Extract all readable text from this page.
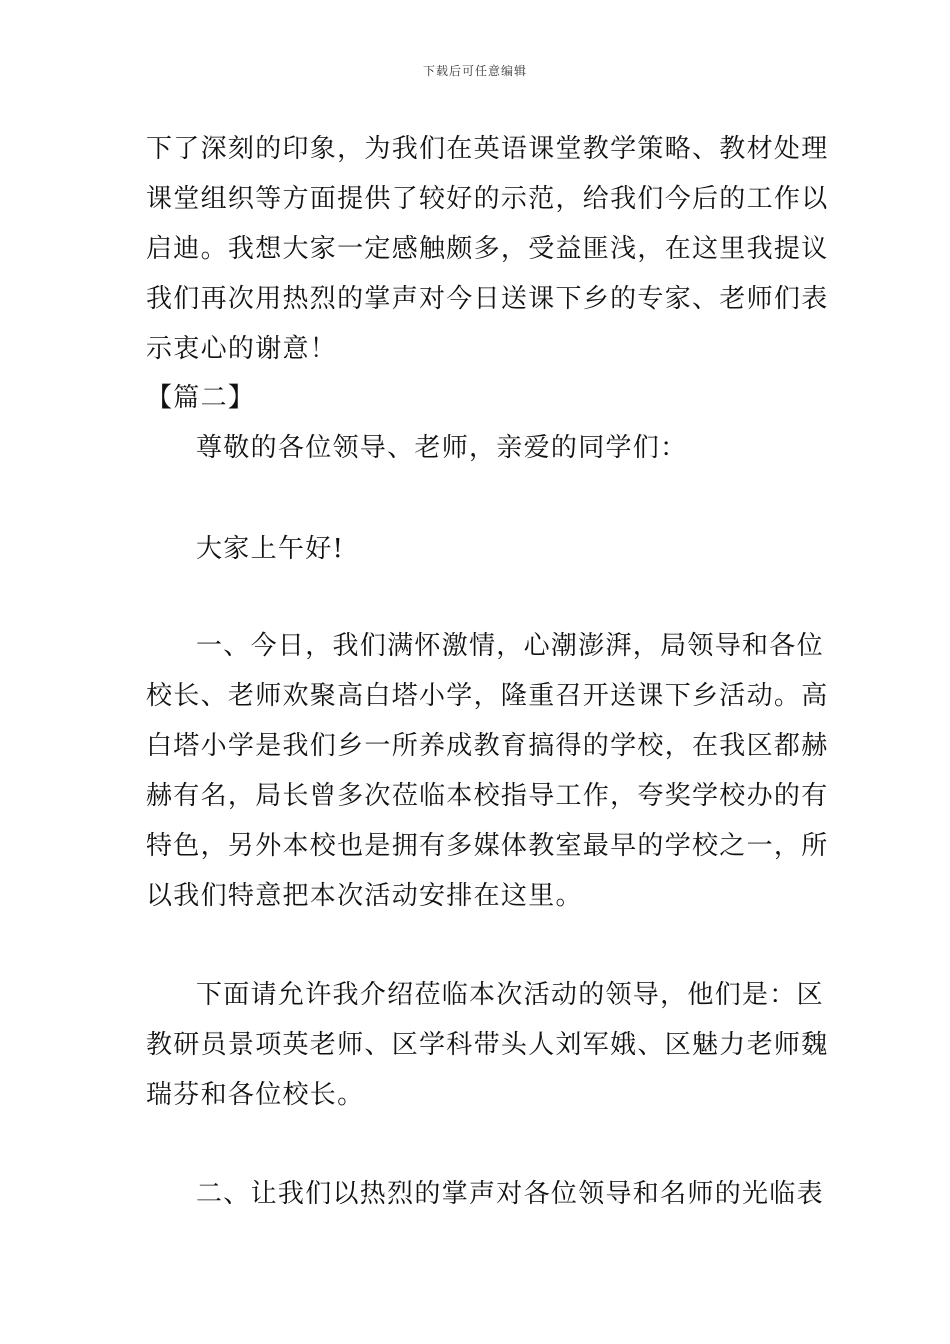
下载后可任意编辑
下了深刻的印象，为我们在英语课堂教学策略、教材处理
课堂组织等方面提供了较好的示范，给我们今后的工作以
启迪。我想大家一定感触颇多，受益匪浅，在这里我提议
我们再次用热烈的掌声对今日送课下乡的专家、老师们表
示衷心的谢意！
【篇二】
尊敬的各位领导、老师，亲爱的同学们：
大家上午好!
一、今日，我们满怀激情，心潮澎湃，局领导和各位
校长、老师欢聚高白塔小学，隆重召开送课下乡活动。高
白塔小学是我们乡一所养成教育搞得的学校，在我区都赫
赫有名，局长曾多次莅临本校指导工作，夸奖学校办的有
特色，另外本校也是拥有多媒体教室最早的学校之一，所
以我们特意把本次活动安排在这里。
下面请允许我介绍莅临本次活动的领导，他们是：区
教研员景项英老师、区学科带头人刘军娥、区魅力老师魏
瑞芬和各位校长。
二、让我们以热烈的掌声对各位领导和名师的光临表
